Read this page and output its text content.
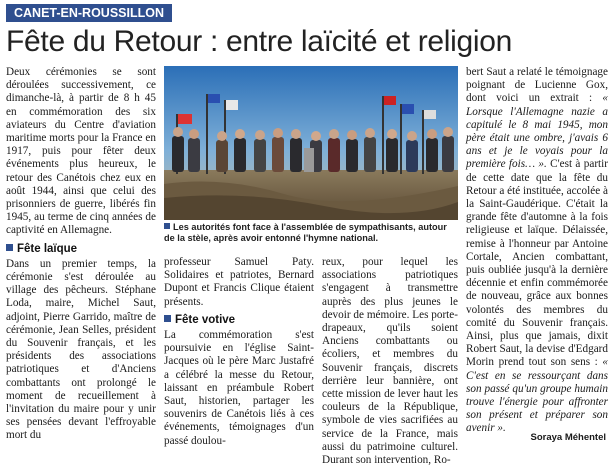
CANET-EN-ROUSSILLON
Fête du Retour : entre laïcité et religion

Deux cérémonies se sont déroulées successivement, ce dimanche-là, à partir de 8 h 45 en commémoration des six aviateurs du Centre d'aviation maritime morts pour la France en 1917, puis pour fêter deux événements plus heureux, le retour des Canétois chez eux en août 1944, ainsi que celui des prisonniers de guerre, libérés fin 1945, au terme de cinq années de captivité en Allemagne.

Fête laïque

Dans un premier temps, la cérémonie s'est déroulée au village des pêcheurs. Stéphane Loda, maire, Michel Saut, adjoint, Pierre Garrido, maître de cérémonie, Jean Selles, président du Souvenir français, et les présidents des associations patriotiques et d'Anciens combattants ont prolongé le moment de recueillement à l'invitation du maire pour y unir ses pensées devant l'effroyable mort du

Les autorités font face à l'assemblée de sympathisants, autour de la stèle, après avoir entonné l'hymne national.

professeur Samuel Paty. Solidaires et patriotes, Bernard Dupont et Francis Clique étaient présents.

Fête votive

La commémoration s'est poursuivie en l'église Saint-Jacques où le père Marc Justafré a célébré la messe du Retour, laissant en préambule Robert Saut, historien, partager les souvenirs de Canétois liés à ces événements, témoignages d'un passé doulou-

reux, pour lequel les associations patriotiques s'engagent à transmettre auprès des plus jeunes le devoir de mémoire. Les porte-drapeaux, qu'ils soient Anciens combattants ou écoliers, et membres du Souvenir français, discrets derrière leur bannière, ont cette mission de lever haut les couleurs de la République, symbole de vies sacrifiées au service de la France, mais aussi du patrimoine culturel. Durant son intervention, Ro-

bert Saut a relaté le témoignage poignant de Lucienne Gox, dont voici un extrait : « Lorsque l'Allemagne nazie a capitulé le 8 mai 1945, mon père était une ombre, j'avais 6 ans et je le voyais pour la première fois… ». C'est à partir de cette date que la fête du Retour a été instituée, accolée à la Saint-Gaudérique. C'était la grande fête d'automne à la fois religieuse et laïque. Délaissée, remise à l'honneur par Antoine Cortale, Ancien combattant, puis oubliée jusqu'à la dernière décennie et enfin commémorée de nouveau, grâce aux bonnes volontés des membres du comité du Souvenir français. Ainsi, plus que jamais, dixit Robert Saut, la devise d'Edgard Morin prend tout son sens : « C'est en se ressourçant dans son passé qu'un groupe humain trouve l'énergie pour affronter son présent et préparer son avenir ».

Soraya Méhentel
